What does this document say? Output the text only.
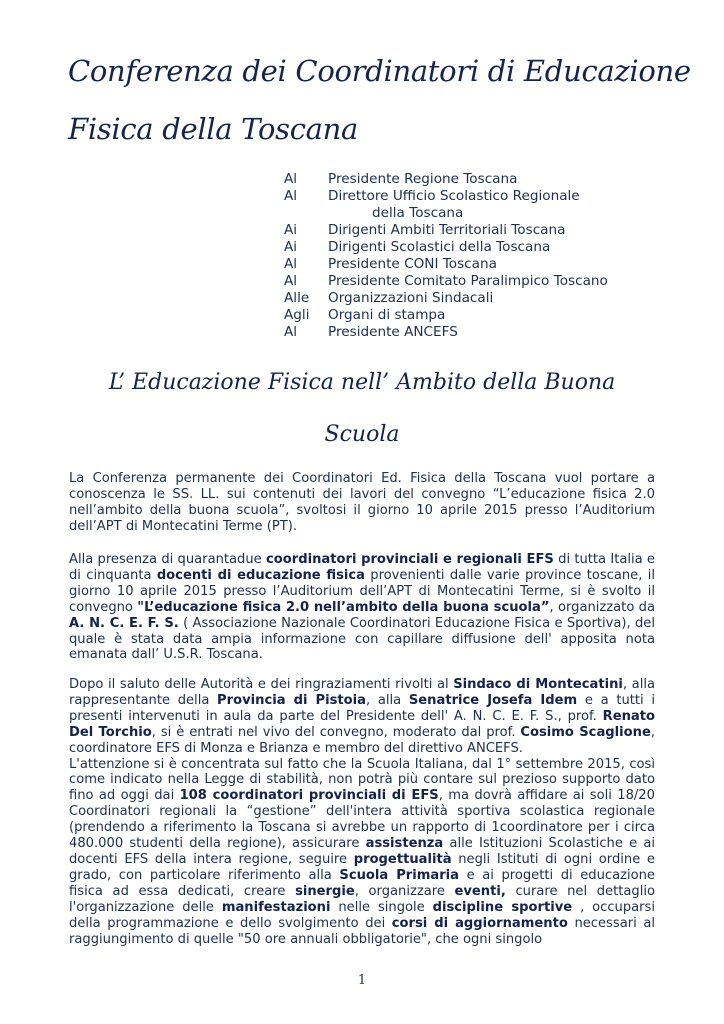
Conferenza dei Coordinatori di Educazione
Fisica della Toscana
Al	Presidente Regione Toscana
Al	Direttore Ufficio Scolastico Regionale
della Toscana
Ai	Dirigenti Ambiti Territoriali Toscana
Ai	Dirigenti Scolastici della Toscana
Al	Presidente CONI Toscana
Al	Presidente Comitato Paralimpico Toscano
Alle	Organizzazioni Sindacali
Agli	Organi di stampa
Al	Presidente ANCEFS
L’ Educazione Fisica nell’ Ambito della Buona
Scuola

La Conferenza permanente dei Coordinatori Ed. Fisica della Toscana vuol portare a conoscenza le SS. LL. sui contenuti dei lavori del convegno “L’educazione fisica 2.0 nell’ambito della buona scuola”, svoltosi il giorno 10 aprile 2015 presso l’Auditorium dell’APT di Montecatini Terme (PT).

Alla presenza di quarantadue coordinatori provinciali e regionali EFS di tutta Italia e di cinquanta docenti di educazione fisica provenienti dalle varie province toscane, il giorno 10 aprile 2015 presso l’Auditorium dell’APT di Montecatini Terme, si è svolto il convegno "L’educazione fisica 2.0 nell’ambito della buona scuola”, organizzato da A. N. C. E. F. S. ( Associazione Nazionale Coordinatori Educazione Fisica e Sportiva), del quale è stata data ampia informazione con capillare diffusione dell' apposita nota emanata dall’ U.S.R. Toscana.

Dopo il saluto delle Autorità e dei ringraziamenti rivolti al Sindaco di Montecatini, alla rappresentante della Provincia di Pistoia, alla Senatrice Josefa Idem e a tutti i presenti intervenuti in aula da parte del Presidente dell' A. N. C. E. F. S., prof. Renato Del Torchio, si è entrati nel vivo del convegno, moderato dal prof. Cosimo Scaglione, coordinatore EFS di Monza e Brianza e membro del direttivo ANCEFS.
L'attenzione si è concentrata sul fatto che la Scuola Italiana, dal 1° settembre 2015, così come indicato nella Legge di stabilità, non potrà più contare sul prezioso supporto dato fino ad oggi dai 108 coordinatori provinciali di EFS, ma dovrà affidare ai soli 18/20 Coordinatori regionali la “gestione” dell'intera attività sportiva scolastica regionale (prendendo a riferimento la Toscana si avrebbe un rapporto di 1coordinatore per i circa 480.000 studenti della regione), assicurare assistenza alle Istituzioni Scolastiche e ai docenti EFS della intera regione, seguire progettualità negli Istituti di ogni ordine e grado, con particolare riferimento alla Scuola Primaria e ai progetti di educazione fisica ad essa dedicati, creare sinergie, organizzare eventi, curare nel dettaglio l'organizzazione delle manifestazioni nelle singole discipline sportive , occuparsi della programmazione e dello svolgimento dei corsi di aggiornamento necessari al raggiungimento di quelle "50 ore annuali obbligatorie", che ogni singolo

1
